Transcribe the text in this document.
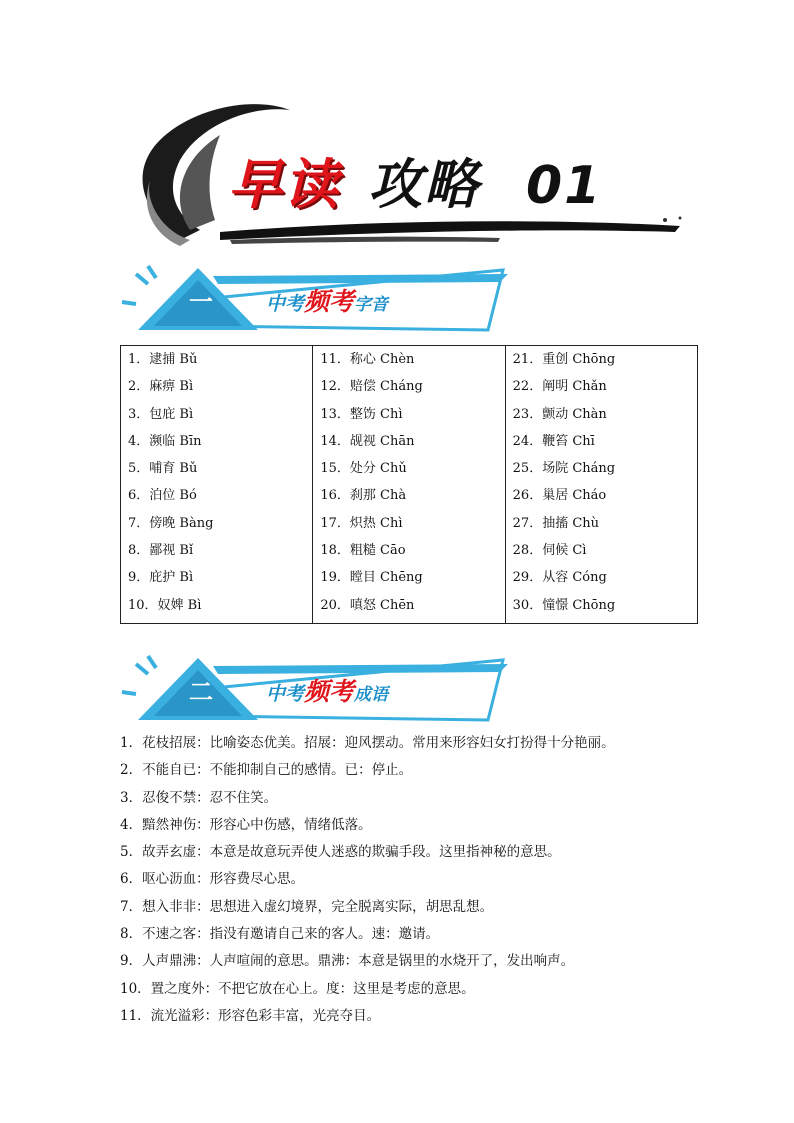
早读 攻略 01
一	中考频考字音
1．逮捕 Bǔ
2．麻痹 Bì
3．包庇 Bì
4．濒临 Bīn
5．哺育 Bǔ
6．泊位 Bó
7．傍晚 Bàng
8．鄙视 Bǐ
9．庇护 Bì
10．奴婢 Bì
11．称心 Chèn
12．赔偿 Cháng
13．整饬 Chì
14．觇视 Chān
15．处分 Chǔ
16．刹那 Chà
17．炽热 Chì
18．粗糙 Cāo
19．瞠目 Chēng
20．嗔怒 Chēn
21．重创 Chōng
22．阐明 Chǎn
23．颤动 Chàn
24．鞭笞 Chī
25．场院 Cháng
26．巢居 Cháo
27．抽搐 Chù
28．伺候 Cì
29．从容 Cóng
30．憧憬 Chōng
二	中考频考成语
1．花枝招展：比喻姿态优美。招展：迎风摆动。常用来形容妇女打扮得十分艳丽。
2．不能自已：不能抑制自己的感情。已：停止。
3．忍俊不禁：忍不住笑。
4．黯然神伤：形容心中伤感，情绪低落。
5．故弄玄虚：本意是故意玩弄使人迷惑的欺骗手段。这里指神秘的意思。
6．呕心沥血：形容费尽心思。
7．想入非非：思想进入虚幻境界，完全脱离实际，胡思乱想。
8．不速之客：指没有邀请自己来的客人。速：邀请。
9．人声鼎沸：人声喧闹的意思。鼎沸：本意是锅里的水烧开了，发出响声。
10．置之度外：不把它放在心上。度：这里是考虑的意思。
11．流光溢彩：形容色彩丰富，光亮夺目。
